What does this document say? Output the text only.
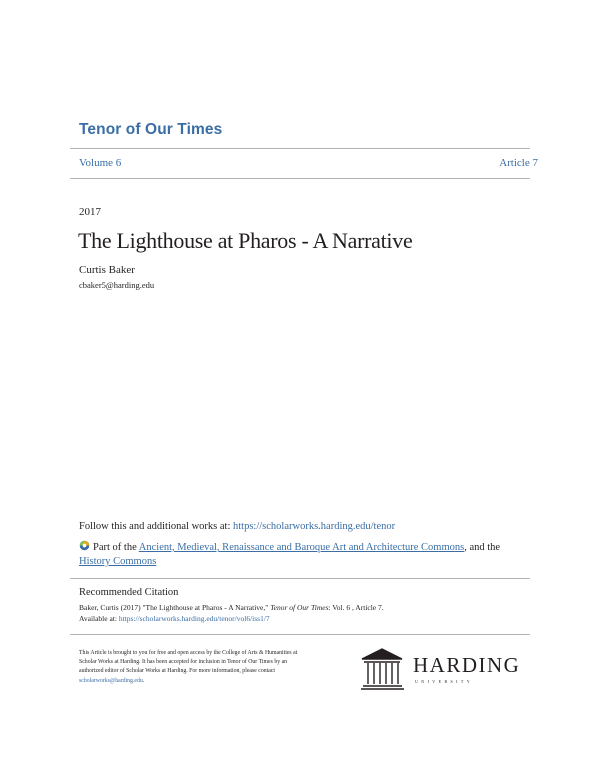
Tenor of Our Times
Volume 6	Article 7
2017
The Lighthouse at Pharos - A Narrative
Curtis Baker
cbaker5@harding.edu
Follow this and additional works at: https://scholarworks.harding.edu/tenor
Part of the Ancient, Medieval, Renaissance and Baroque Art and Architecture Commons, and the History Commons
Recommended Citation
Baker, Curtis (2017) "The Lighthouse at Pharos - A Narrative," Tenor of Our Times: Vol. 6 , Article 7.
Available at: https://scholarworks.harding.edu/tenor/vol6/iss1/7
This Article is brought to you for free and open access by the College of Arts & Humanities at Scholar Works at Harding. It has been accepted for inclusion in Tenor of Our Times by an authorized editor of Scholar Works at Harding. For more information, please contact
scholarworks@harding.edu.
HARDING
UNIVERSITY
